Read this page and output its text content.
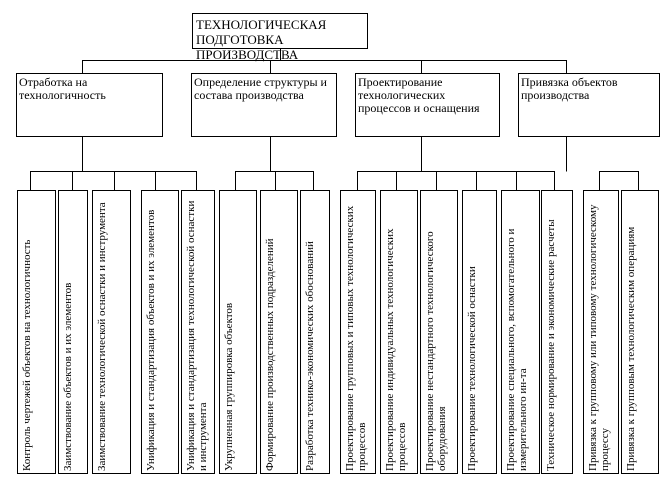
ТЕХНОЛОГИЧЕСКАЯ ПОДГОТОВКА ПРОИЗВОДСТВА
Отработка на технологичность
Определение структуры и состава производства
Проектирование технологических процессов и оснащения
Привязка объектов производства
Контроль чертежей объектов на технологичность	Заимствование объектов и их элементов Заимствование технологической оснастки и инструмента	Унификация и стандартизация объектов и их элементов	Унификация и стандартизация технологической оснастки и инструмента Укрупненная группировка объектов	Формирование производственных подразделений	Разработка технико-экономических обоснований	Проектирование групповых и типовых технологических процессов Проектирование индивидуальных технологических процессов Проектирование нестандартного технологического оборудования Проектирование технологической оснастки Проектирование специального, вспомогательного и измерительного ин-та Техническое нормирование и экономические расчеты	Привязка к групповому или типовому технологическому процессу Привязка к групповым технологическим операциям
